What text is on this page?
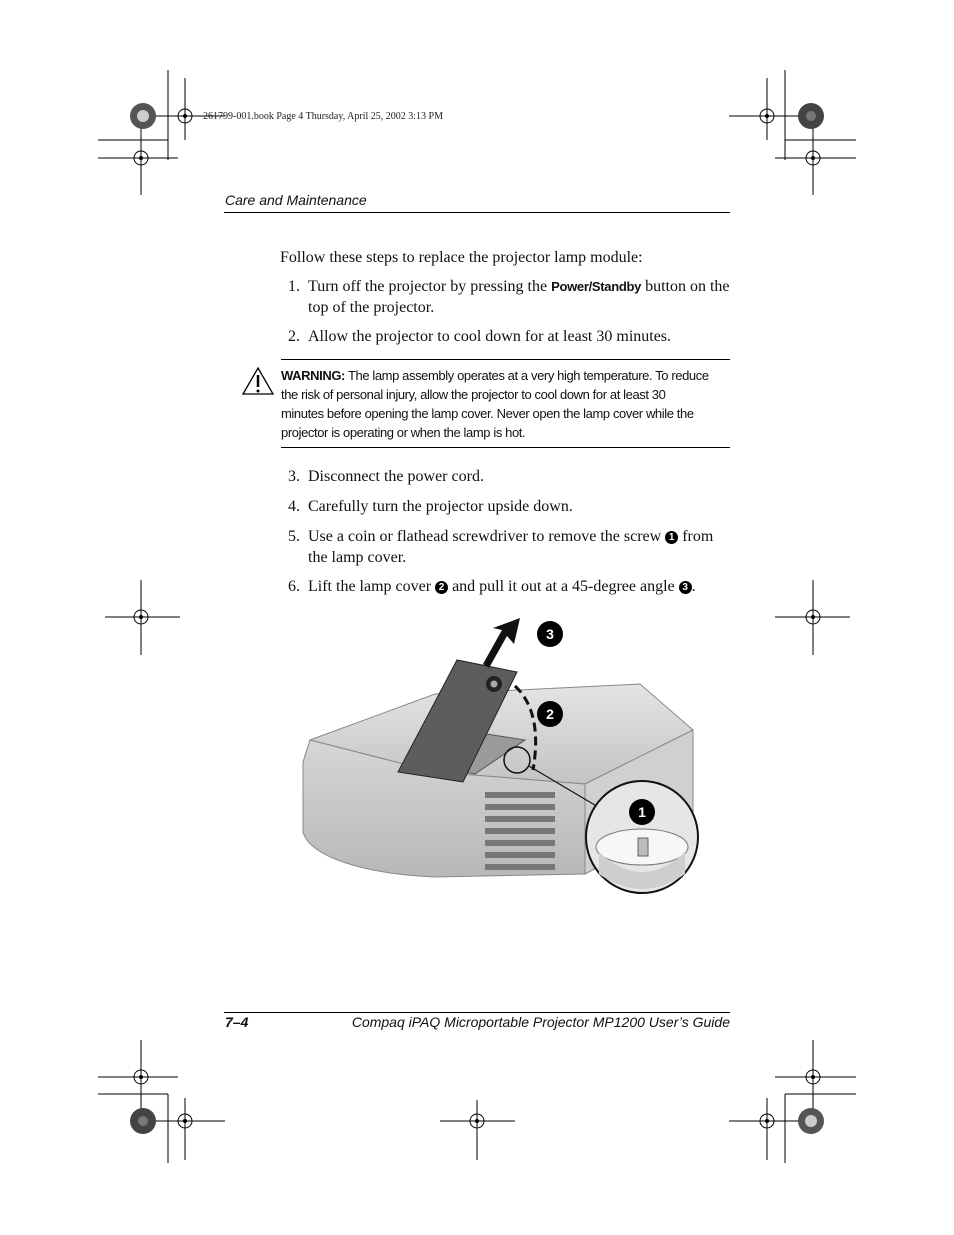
261799-001.book Page 4 Thursday, April 25, 2002 3:13 PM
Care and Maintenance
Follow these steps to replace the projector lamp module:
1. Turn off the projector by pressing the Power/Standby button on the top of the projector.
2. Allow the projector to cool down for at least 30 minutes.
WARNING: The lamp assembly operates at a very high temperature. To reduce the risk of personal injury, allow the projector to cool down for at least 30 minutes before opening the lamp cover. Never open the lamp cover while the projector is operating or when the lamp is hot.
3. Disconnect the power cord.
4. Carefully turn the projector upside down.
5. Use a coin or flathead screwdriver to remove the screw 1 from the lamp cover.
6. Lift the lamp cover 2 and pull it out at a 45-degree angle 3 .
3
2
1
7–4	Compaq iPAQ Microportable Projector MP1200 User’s Guide
